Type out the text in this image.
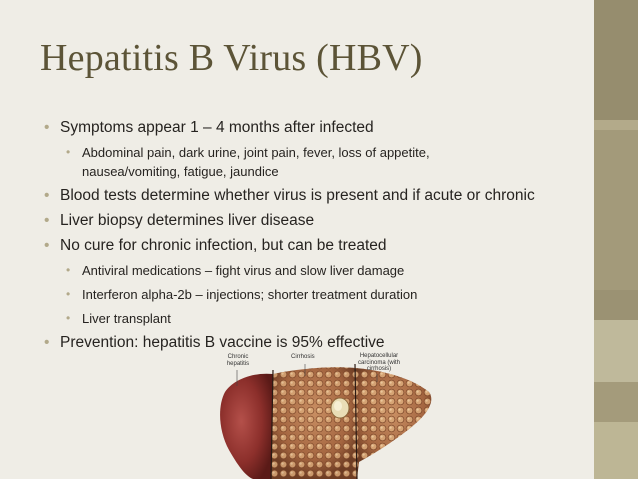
Hepatitis B Virus (HBV)
• Symptoms appear 1 – 4 months after infected
• Abdominal pain, dark urine, joint pain, fever, loss of appetite, nausea/vomiting, fatigue, jaundice
• Blood tests determine whether virus is present and if acute or chronic
• Liver biopsy determines liver disease
• No cure for chronic infection, but can be treated
• Antiviral medications – fight virus and slow liver damage
• Interferon alpha-2b – injections; shorter treatment duration
• Liver transplant
• Prevention: hepatitis B vaccine is 95% effective
Chronic hepatitis
Cirrhosis	Hepatocellular carcinoma (with cirrhosis)
